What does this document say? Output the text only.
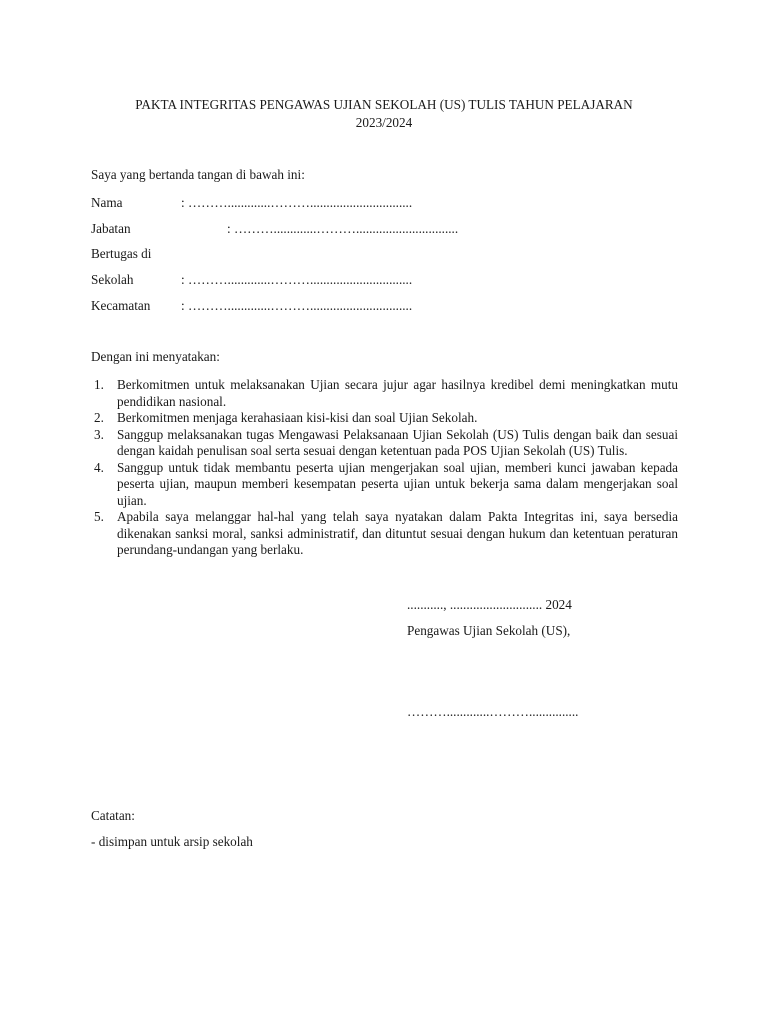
PAKTA INTEGRITAS PENGAWAS UJIAN SEKOLAH (US) TULIS TAHUN PELAJARAN
2023/2024
Saya yang bertanda tangan di bawah ini:
Nama	: ……….............………...............................
Jabatan	: ……….............………...............................
Bertugas di
Sekolah	: ……….............………...............................
Kecamatan : ……….............………...............................
Dengan ini menyatakan:
1. Berkomitmen untuk melaksanakan Ujian secara jujur agar hasilnya kredibel demi meningkatkan mutu pendidikan nasional.
2. Berkomitmen menjaga kerahasiaan kisi-kisi dan soal Ujian Sekolah.
3. Sanggup melaksanakan tugas Mengawasi Pelaksanaan Ujian Sekolah (US) Tulis dengan baik dan sesuai dengan kaidah penulisan soal serta sesuai dengan ketentuan pada POS Ujian Sekolah (US) Tulis.
4. Sanggup untuk tidak membantu peserta ujian mengerjakan soal ujian, memberi kunci jawaban kepada peserta ujian, maupun memberi kesempatan peserta ujian untuk bekerja sama dalam mengerjakan soal ujian.
5. Apabila saya melanggar hal-hal yang telah saya nyatakan dalam Pakta Integritas ini, saya bersedia dikenakan sanksi moral, sanksi administratif, dan dituntut sesuai dengan hukum dan ketentuan peraturan perundang-undangan yang berlaku.
..........., ............................ 2024
Pengawas Ujian Sekolah (US),
……….............………...............
Catatan:
- disimpan untuk arsip sekolah
